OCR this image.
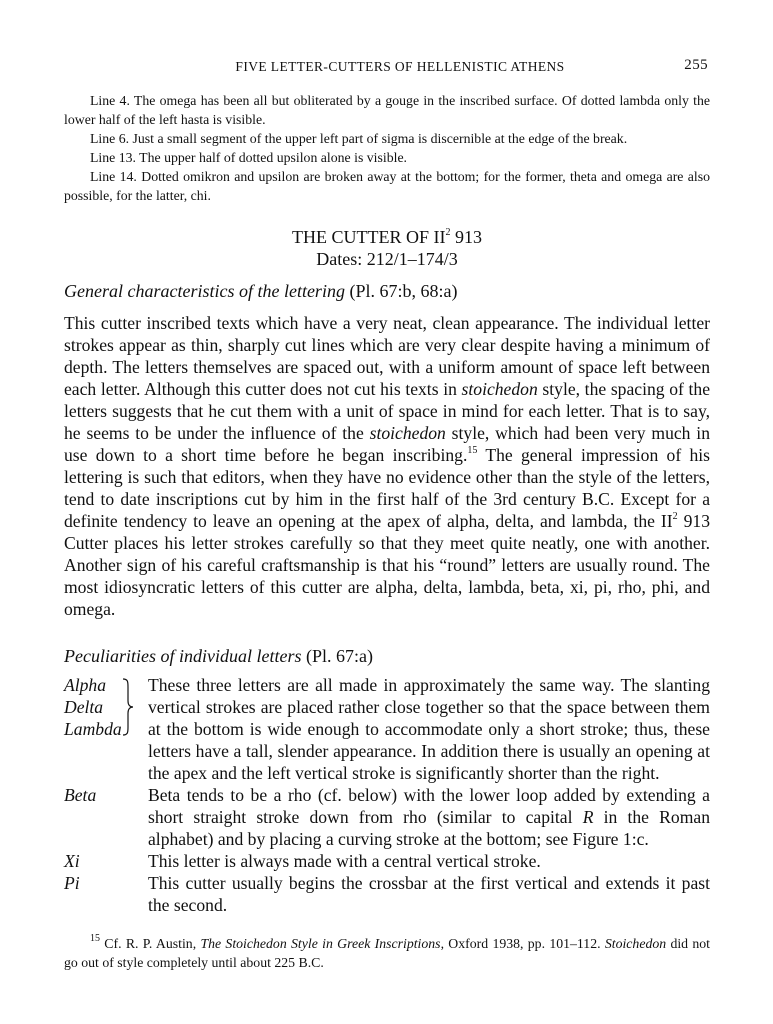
FIVE LETTER-CUTTERS OF HELLENISTIC ATHENS	255

Line 4. The omega has been all but obliterated by a gouge in the inscribed surface. Of dotted lambda only the lower half of the left hasta is visible.

Line 6. Just a small segment of the upper left part of sigma is discernible at the edge of the break.

Line 13. The upper half of dotted upsilon alone is visible.

Line 14. Dotted omikron and upsilon are broken away at the bottom; for the former, theta and omega are also possible, for the latter, chi.

THE CUTTER OF $II^2$ 913
Dates: 212/1–174/3
General characteristics of the lettering (Pl. 67:b, 68:a)

This cutter inscribed texts which have a very neat, clean appearance. The individual letter strokes appear as thin, sharply cut lines which are very clear despite having a minimum of depth. The letters themselves are spaced out, with a uniform amount of space left between each letter. Although this cutter does not cut his texts in stoichedon style, the spacing of the letters suggests that he cut them with a unit of space in mind for each letter. That is to say, he seems to be under the influence of the stoichedon style, which had been very much in use down to a short time before he began inscribing.$^{15}$ The general impression of his lettering is such that editors, when they have no evidence other than the style of the letters, tend to date inscriptions cut by him in the first half of the 3rd century B.C. Except for a definite tendency to leave an opening at the apex of alpha, delta, and lambda, the $II^2$ 913 Cutter places his letter strokes carefully so that they meet quite neatly, one with another. Another sign of his careful craftsmanship is that his “round” letters are usually round. The most idiosyncratic letters of this cutter are alpha, delta, lambda, beta, xi, pi, rho, phi, and omega.

Peculiarities of individual letters (Pl. 67:a)
Alpha
Delta
Lambda
These three letters are all made in approximately the same way. The slanting vertical strokes are placed rather close together so that the space between them at the bottom is wide enough to accommodate only a short stroke; thus, these letters have a tall, slender appearance. In addition there is usually an opening at the apex and the left vertical stroke is significantly shorter than the right.
Beta	Beta tends to be a rho (cf. below) with the lower loop added by extending a short straight stroke down from rho (similar to capital R in the Roman alphabet) and by placing a curving stroke at the bottom; see Figure 1:c.
Xi	This letter is always made with a central vertical stroke.
Pi	This cutter usually begins the crossbar at the first vertical and extends it past the second.

$^{15}$ Cf. R. P. Austin, The Stoichedon Style in Greek Inscriptions, Oxford 1938, pp. 101–112. Stoichedon did not go out of style completely until about 225 B.C.
